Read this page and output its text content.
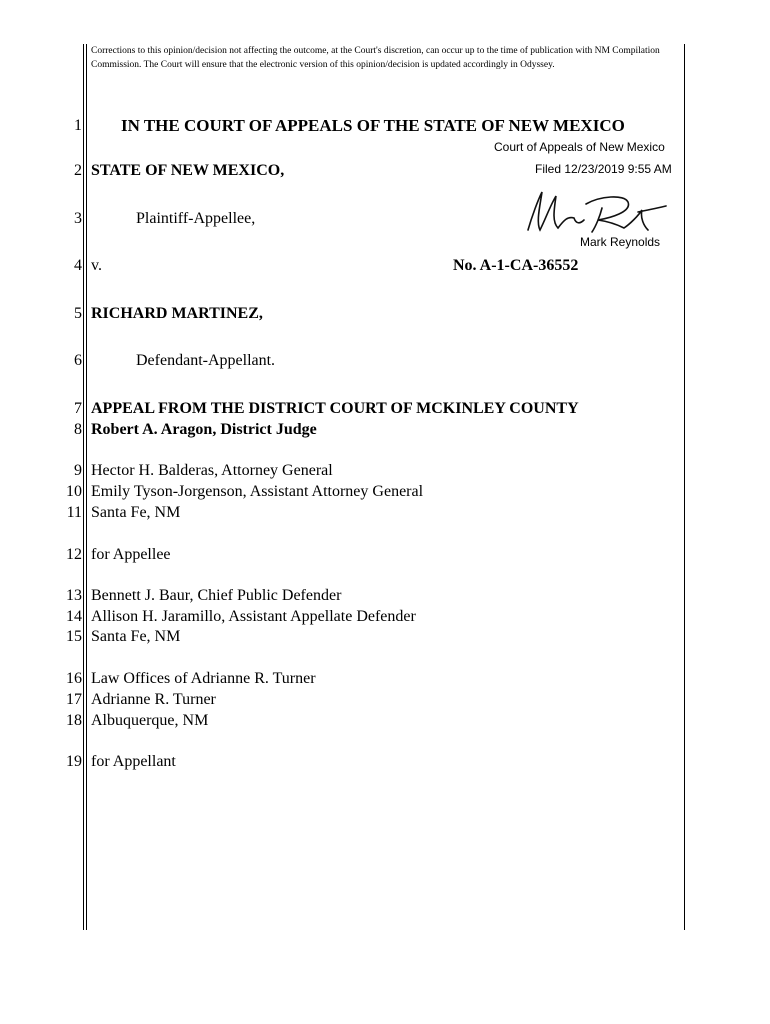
Corrections to this opinion/decision not affecting the outcome, at the Court's discretion, can occur up to the time of publication with NM Compilation Commission. The Court will ensure that the electronic version of this opinion/decision is updated accordingly in Odyssey.
1
2
3
4
5
6
7
8
9
10
11
12
13
14
15
16
17
18
19
IN THE COURT OF APPEALS OF THE STATE OF NEW MEXICO
Court of Appeals of New Mexico
Filed 12/23/2019 9:55 AM
Mark Reynolds
STATE OF NEW MEXICO,
Plaintiff-Appellee,
v.	No. A-1-CA-36552
RICHARD MARTINEZ,
Defendant-Appellant.
APPEAL FROM THE DISTRICT COURT OF MCKINLEY COUNTY
Robert A. Aragon, District Judge
Hector H. Balderas, Attorney General
Emily Tyson-Jorgenson, Assistant Attorney General
Santa Fe, NM
for Appellee
Bennett J. Baur, Chief Public Defender
Allison H. Jaramillo, Assistant Appellate Defender
Santa Fe, NM
Law Offices of Adrianne R. Turner
Adrianne R. Turner
Albuquerque, NM
for Appellant
